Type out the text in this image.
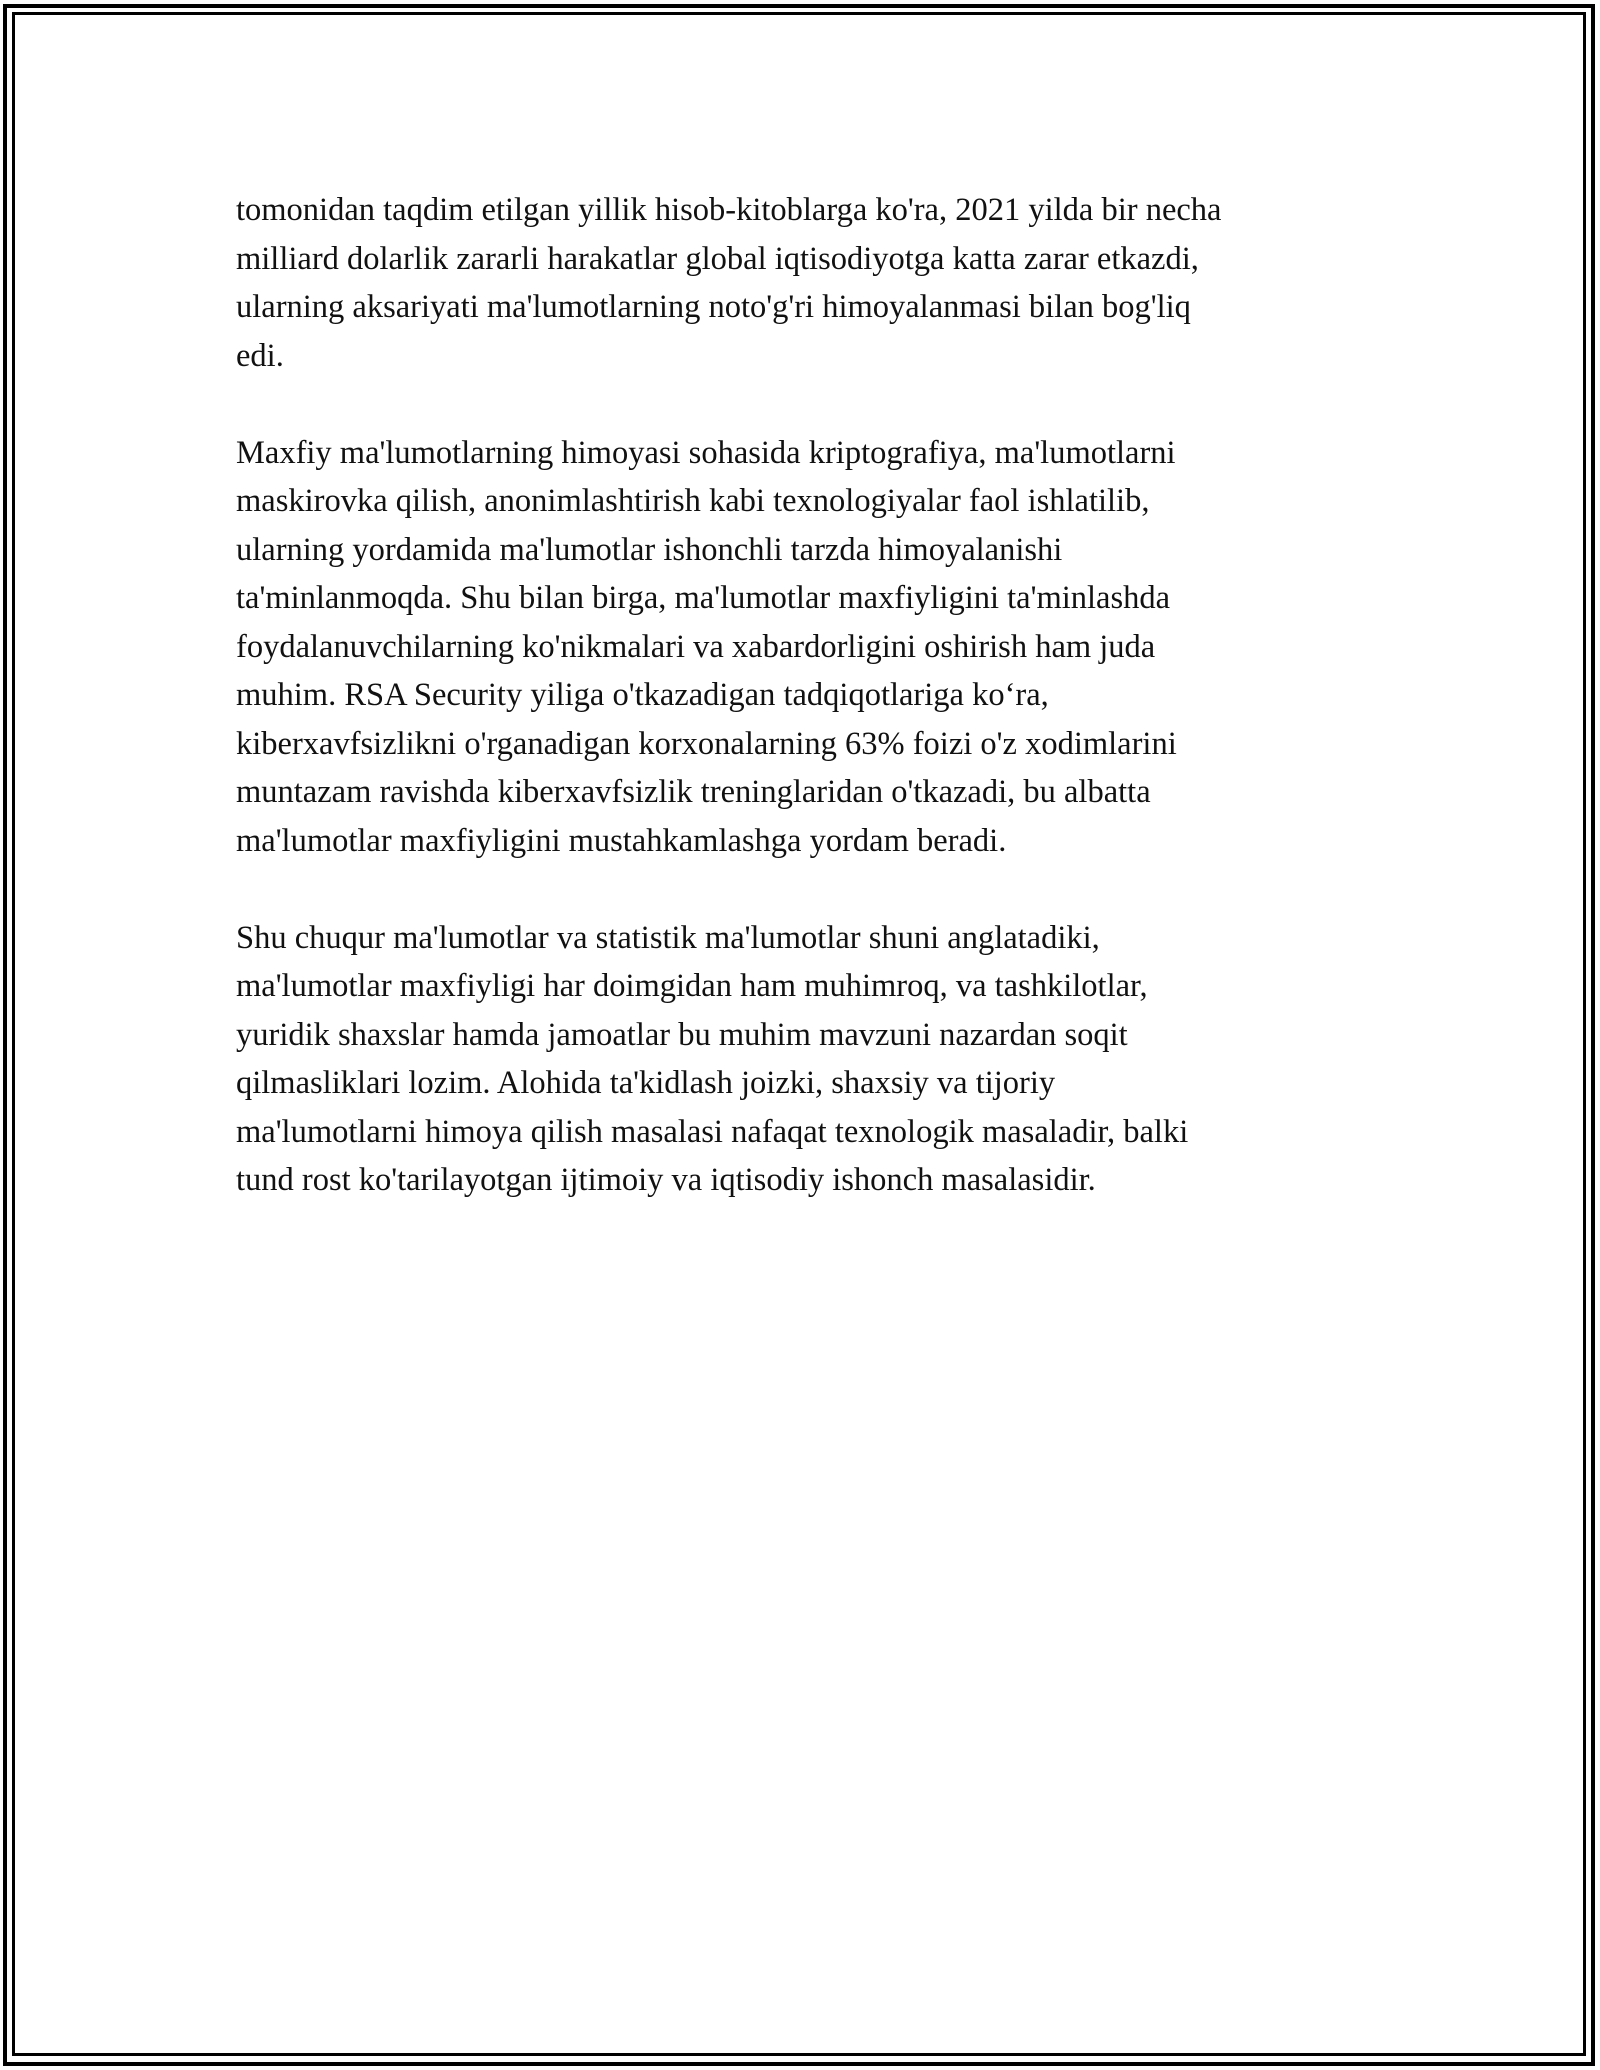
tomonidan taqdim etilgan yillik hisob-kitoblarga ko'ra, 2021 yilda bir necha
milliard dolarlik zararli harakatlar global iqtisodiyotga katta zarar etkazdi,
ularning aksariyati ma'lumotlarning noto'g'ri himoyalanmasi bilan bog'liq
edi.

Maxfiy ma'lumotlarning himoyasi sohasida kriptografiya, ma'lumotlarni
maskirovka qilish, anonimlashtirish kabi texnologiyalar faol ishlatilib,
ularning yordamida ma'lumotlar ishonchli tarzda himoyalanishi
ta'minlanmoqda. Shu bilan birga, ma'lumotlar maxfiyligini ta'minlashda
foydalanuvchilarning ko'nikmalari va xabardorligini oshirish ham juda
muhim. RSA Security yiliga o'tkazadigan tadqiqotlariga ko‘ra,
kiberxavfsizlikni o'rganadigan korxonalarning 63% foizi o'z xodimlarini
muntazam ravishda kiberxavfsizlik treninglaridan o'tkazadi, bu albatta
ma'lumotlar maxfiyligini mustahkamlashga yordam beradi.

Shu chuqur ma'lumotlar va statistik ma'lumotlar shuni anglatadiki,
ma'lumotlar maxfiyligi har doimgidan ham muhimroq, va tashkilotlar,
yuridik shaxslar hamda jamoatlar bu muhim mavzuni nazardan soqit
qilmasliklari lozim. Alohida ta'kidlash joizki, shaxsiy va tijoriy
ma'lumotlarni himoya qilish masalasi nafaqat texnologik masaladir, balki
tund rost ko'tarilayotgan ijtimoiy va iqtisodiy ishonch masalasidir.
